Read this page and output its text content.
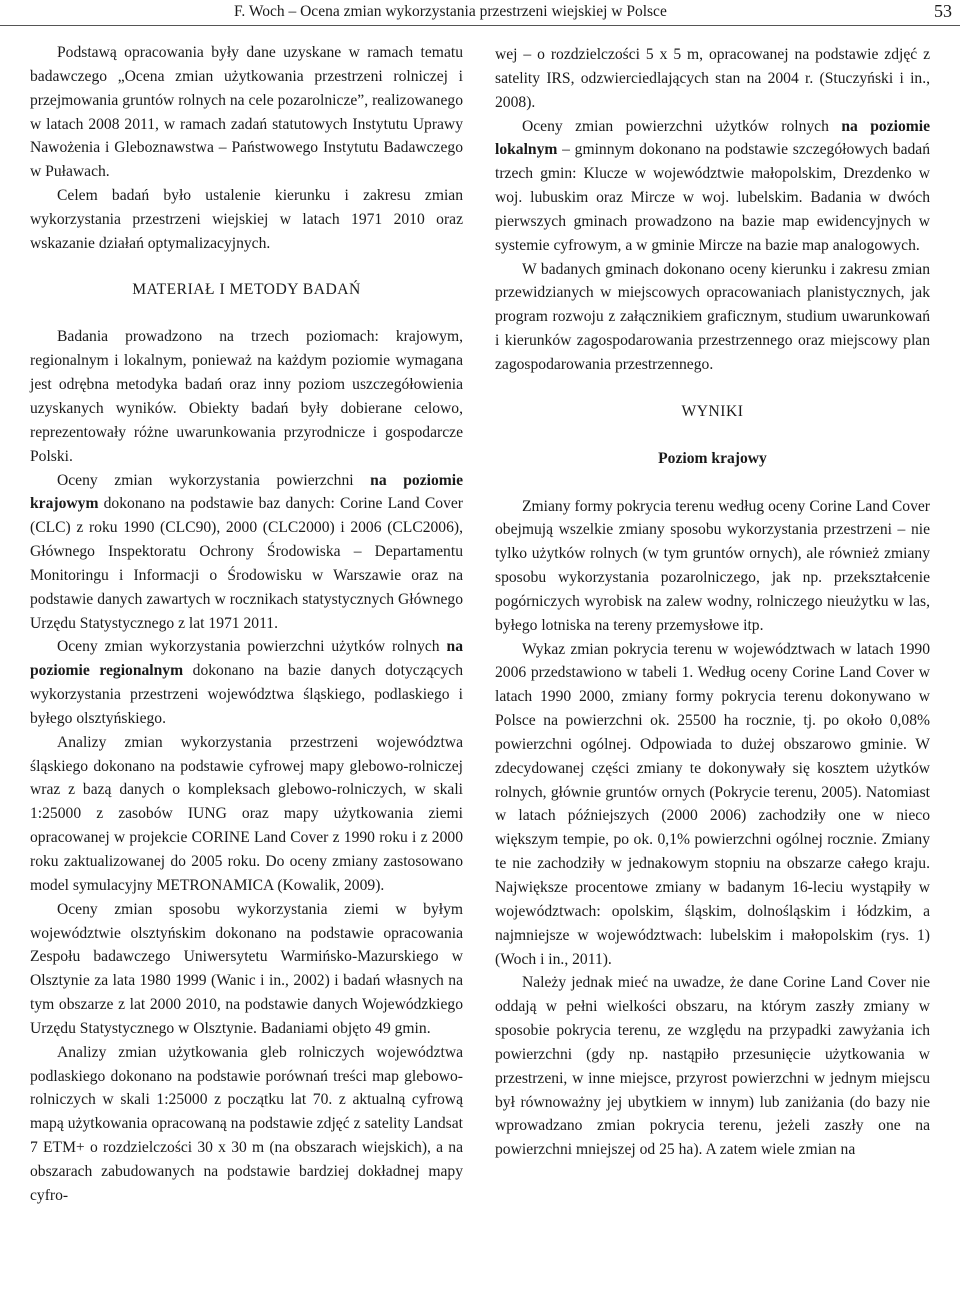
F. Woch – Ocena zmian wykorzystania przestrzeni wiejskiej w Polsce	53

Podstawą opracowania były dane uzyskane w ramach tematu badawczego „Ocena zmian użytkowania przestrzeni rolniczej i przejmowania gruntów rolnych na cele pozarolnicze”, realizowanego w latach 2008 2011, w ramach zadań statutowych Instytutu Uprawy Nawożenia i Gleboznawstwa – Państwowego Instytutu Badawczego w Puławach.

Celem badań było ustalenie kierunku i zakresu zmian wykorzystania przestrzeni wiejskiej w latach 1971 2010 oraz wskazanie działań optymalizacyjnych.

MATERIAŁ I METODY BADAŃ

Badania prowadzono na trzech poziomach: krajowym, regionalnym i lokalnym, ponieważ na każdym poziomie wymagana jest odrębna metodyka badań oraz inny poziom uszczegółowienia uzyskanych wyników. Obiekty badań były dobierane celowo, reprezentowały różne uwarunkowania przyrodnicze i gospodarcze Polski.

Oceny zmian wykorzystania powierzchni na poziomie krajowym dokonano na podstawie baz danych: Corine Land Cover (CLC) z roku 1990 (CLC90), 2000 (CLC2000) i 2006 (CLC2006), Głównego Inspektoratu Ochrony Środowiska – Departamentu Monitoringu i Informacji o Środowisku w Warszawie oraz na podstawie danych zawartych w rocznikach statystycznych Głównego Urzędu Statystycznego z lat 1971 2011.

Oceny zmian wykorzystania powierzchni użytków rolnych na poziomie regionalnym dokonano na bazie danych dotyczących wykorzystania przestrzeni województwa śląskiego, podlaskiego i byłego olsztyńskiego.

Analizy zmian wykorzystania przestrzeni województwa śląskiego dokonano na podstawie cyfrowej mapy glebowo-rolniczej wraz z bazą danych o kompleksach glebowo-rolniczych, w skali 1:25000 z zasobów IUNG oraz mapy użytkowania ziemi opracowanej w projekcie CORINE Land Cover z 1990 roku i z 2000 roku zaktualizowanej do 2005 roku. Do oceny zmiany zastosowano model symulacyjny METRONAMICA (Kowalik, 2009).

Oceny zmian sposobu wykorzystania ziemi w byłym województwie olsztyńskim dokonano na podstawie opracowania Zespołu badawczego Uniwersytetu Warmińsko-Mazurskiego w Olsztynie za lata 1980 1999 (Wanic i in., 2002) i badań własnych na tym obszarze z lat 2000 2010, na podstawie danych Wojewódzkiego Urzędu Statystycznego w Olsztynie. Badaniami objęto 49 gmin.

Analizy zmian użytkowania gleb rolniczych województwa podlaskiego dokonano na podstawie porównań treści map glebowo-rolniczych w skali 1:25000 z początku lat 70. z aktualną cyfrową mapą użytkowania opracowaną na podstawie zdjęć z satelity Landsat 7 ETM+ o rozdzielczości 30 x 30 m (na obszarach wiejskich), a na obszarach zabudowanych na podstawie bardziej dokładnej mapy cyfro-

wej – o rozdzielczości 5 x 5 m, opracowanej na podstawie zdjęć z satelity IRS, odzwierciedlających stan na 2004 r. (Stuczyński i in., 2008).

Oceny zmian powierzchni użytków rolnych na poziomie lokalnym – gminnym dokonano na podstawie szczegółowych badań trzech gmin: Klucze w województwie małopolskim, Drezdenko w woj. lubuskim oraz Mircze w woj. lubelskim. Badania w dwóch pierwszych gminach prowadzono na bazie map ewidencyjnych w systemie cyfrowym, a w gminie Mircze na bazie map analogowych.

W badanych gminach dokonano oceny kierunku i zakresu zmian przewidzianych w miejscowych opracowaniach planistycznych, jak program rozwoju z załącznikiem graficznym, studium uwarunkowań i kierunków zagospodarowania przestrzennego oraz miejscowy plan zagospodarowania przestrzennego.

WYNIKI
Poziom krajowy

Zmiany formy pokrycia terenu według oceny Corine Land Cover obejmują wszelkie zmiany sposobu wykorzystania przestrzeni – nie tylko użytków rolnych (w tym gruntów ornych), ale również zmiany sposobu wykorzystania pozarolniczego, jak np. przekształcenie pogórniczych wyrobisk na zalew wodny, rolniczego nieużytku w las, byłego lotniska na tereny przemysłowe itp.

Wykaz zmian pokrycia terenu w województwach w latach 1990 2006 przedstawiono w tabeli 1. Według oceny Corine Land Cover w latach 1990 2000, zmiany formy pokrycia terenu dokonywano w Polsce na powierzchni ok. 25500 ha rocznie, tj. po około 0,08% powierzchni ogólnej. Odpowiada to dużej obszarowo gminie. W zdecydowanej części zmiany te dokonywały się kosztem użytków rolnych, głównie gruntów ornych (Pokrycie terenu, 2005). Natomiast w latach późniejszych (2000 2006) zachodziły one w nieco większym tempie, po ok. 0,1% powierzchni ogólnej rocznie. Zmiany te nie zachodziły w jednakowym stopniu na obszarze całego kraju. Największe procentowe zmiany w badanym 16-leciu wystąpiły w województwach: opolskim, śląskim, dolnośląskim i łódzkim, a najmniejsze w województwach: lubelskim i małopolskim (rys. 1) (Woch i in., 2011).

Należy jednak mieć na uwadze, że dane Corine Land Cover nie oddają w pełni wielkości obszaru, na którym zaszły zmiany w sposobie pokrycia terenu, ze względu na przypadki zawyżania ich powierzchni (gdy np. nastąpiło przesunięcie użytkowania w przestrzeni, w inne miejsce, przyrost powierzchni w jednym miejscu był równoważny jej ubytkiem w innym) lub zaniżania (do bazy nie wprowadzano zmian pokrycia terenu, jeżeli zaszły one na powierzchni mniejszej od 25 ha). A zatem wiele zmian na
